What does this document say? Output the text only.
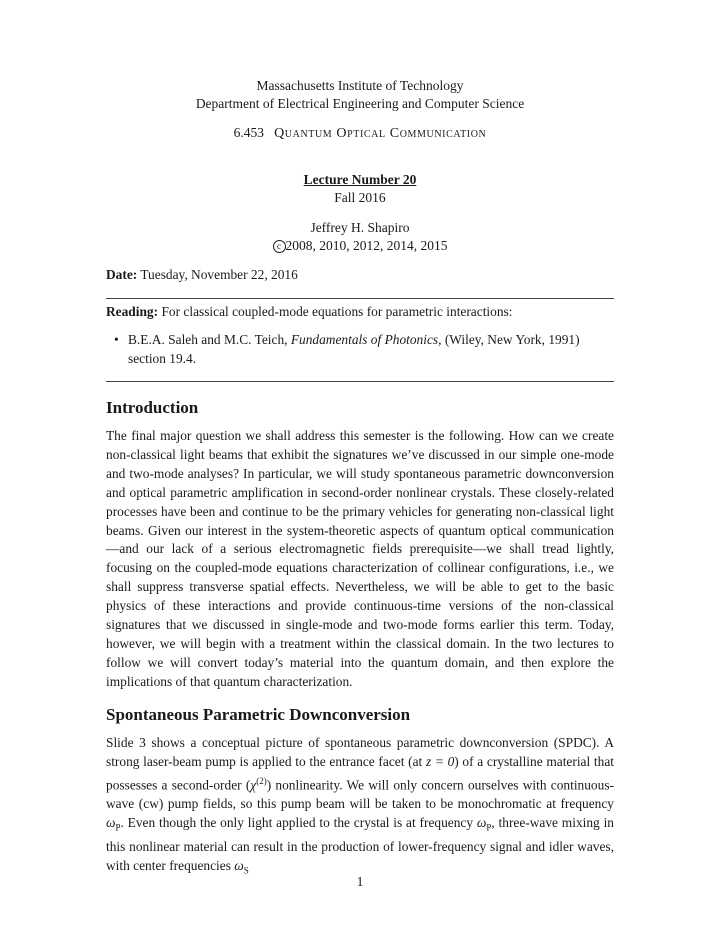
Massachusetts Institute of Technology
Department of Electrical Engineering and Computer Science
6.453 Quantum Optical Communication
Lecture Number 20
Fall 2016
Jeffrey H. Shapiro
c 2008, 2010, 2012, 2014, 2015
Date: Tuesday, November 22, 2016
Reading: For classical coupled-mode equations for parametric interactions:
• B.E.A. Saleh and M.C. Teich, Fundamentals of Photonics, (Wiley, New York, 1991) section 19.4.
Introduction
The final major question we shall address this semester is the following. How can we create non-classical light beams that exhibit the signatures we’ve discussed in our simple one-mode and two-mode analyses? In particular, we will study spontaneous parametric downconversion and optical parametric amplification in second-order nonlinear crystals. These closely-related processes have been and continue to be the primary vehicles for generating non-classical light beams. Given our interest in the system-theoretic aspects of quantum optical communication—and our lack of a serious electromagnetic fields prerequisite—we shall tread lightly, focusing on the coupled-mode equations characterization of collinear configurations, i.e., we shall suppress transverse spatial effects. Nevertheless, we will be able to get to the basic physics of these interactions and provide continuous-time versions of the non-classical signatures that we discussed in single-mode and two-mode forms earlier this term. Today, however, we will begin with a treatment within the classical domain. In the two lectures to follow we will convert today’s material into the quantum domain, and then explore the implications of that quantum characterization.
Spontaneous Parametric Downconversion
Slide 3 shows a conceptual picture of spontaneous parametric downconversion (SPDC). A strong laser-beam pump is applied to the entrance facet (at z = 0) of a crystalline material that possesses a second-order $(\chi^{(2)})$ nonlinearity. We will only concern ourselves with continuous-wave (cw) pump fields, so this pump beam will be taken to be monochromatic at frequency $\omega_P$. Even though the only light applied to the crystal is at frequency $\omega_P$, three-wave mixing in this nonlinear material can result in the production of lower-frequency signal and idler waves, with center frequencies $\omega_S$
1
